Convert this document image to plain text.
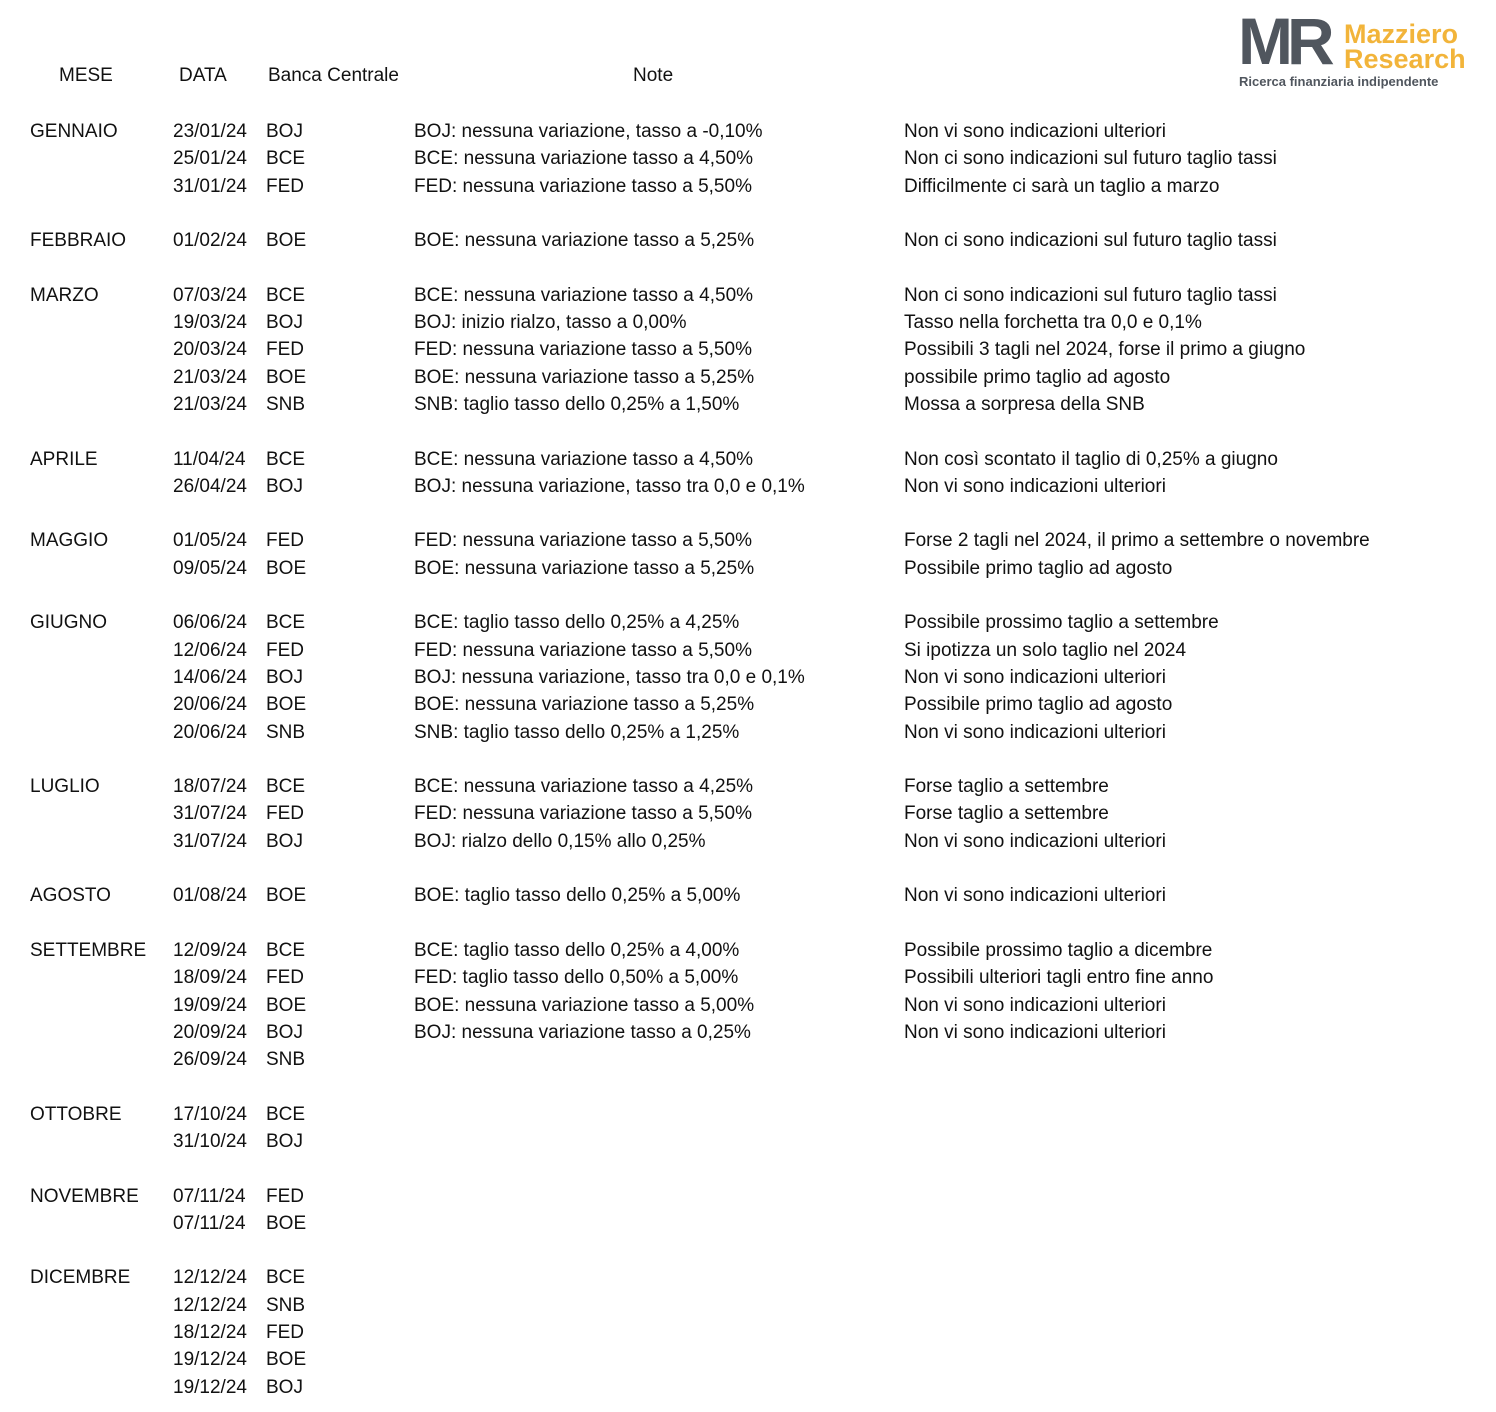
MR Mazziero
Research
Ricerca finanziaria indipendente
MESE	DATA Banca Centrale	Note
GENNAIO	23/01/24 BOJ	BOJ: nessuna variazione, tasso a -0,10%	Non vi sono indicazioni ulteriori
25/01/24 BCE	BCE: nessuna variazione tasso a 4,50%	Non ci sono indicazioni sul futuro taglio tassi
31/01/24 FED	FED: nessuna variazione tasso a 5,50%	Difficilmente ci sarà un taglio a marzo
FEBBRAIO 01/02/24 BOE	BOE: nessuna variazione tasso a 5,25%	Non ci sono indicazioni sul futuro taglio tassi
MARZO	07/03/24 BCE	BCE: nessuna variazione tasso a 4,50%	Non ci sono indicazioni sul futuro taglio tassi
19/03/24 BOJ	BOJ: inizio rialzo, tasso a 0,00%	Tasso nella forchetta tra 0,0 e 0,1%
20/03/24 FED	FED: nessuna variazione tasso a 5,50%	Possibili 3 tagli nel 2024, forse il primo a giugno
21/03/24 BOE	BOE: nessuna variazione tasso a 5,25%	possibile primo taglio ad agosto
21/03/24 SNB	SNB: taglio tasso dello 0,25% a 1,50%	Mossa a sorpresa della SNB
APRILE	11/04/24 BCE	BCE: nessuna variazione tasso a 4,50%	Non così scontato il taglio di 0,25% a giugno
26/04/24 BOJ	BOJ: nessuna variazione, tasso tra 0,0 e 0,1%	Non vi sono indicazioni ulteriori
MAGGIO	01/05/24 FED	FED: nessuna variazione tasso a 5,50%	Forse 2 tagli nel 2024, il primo a settembre o novembre
09/05/24 BOE	BOE: nessuna variazione tasso a 5,25%	Possibile primo taglio ad agosto
GIUGNO	06/06/24 BCE	BCE: taglio tasso dello 0,25% a 4,25%	Possibile prossimo taglio a settembre
12/06/24 FED	FED: nessuna variazione tasso a 5,50%	Si ipotizza un solo taglio nel 2024
14/06/24 BOJ	BOJ: nessuna variazione, tasso tra 0,0 e 0,1%	Non vi sono indicazioni ulteriori
20/06/24 BOE	BOE: nessuna variazione tasso a 5,25%	Possibile primo taglio ad agosto
20/06/24 SNB	SNB: taglio tasso dello 0,25% a 1,25%	Non vi sono indicazioni ulteriori
LUGLIO	18/07/24 BCE	BCE: nessuna variazione tasso a 4,25%	Forse taglio a settembre
31/07/24 FED	FED: nessuna variazione tasso a 5,50%	Forse taglio a settembre
31/07/24 BOJ	BOJ: rialzo dello 0,15% allo 0,25%	Non vi sono indicazioni ulteriori
AGOSTO	01/08/24 BOE	BOE: taglio tasso dello 0,25% a 5,00%	Non vi sono indicazioni ulteriori
SETTEMBRE 12/09/24 BCE	BCE: taglio tasso dello 0,25% a 4,00%	Possibile prossimo taglio a dicembre
18/09/24 FED	FED: taglio tasso dello 0,50% a 5,00%	Possibili ulteriori tagli entro fine anno
19/09/24 BOE	BOE: nessuna variazione tasso a 5,00%	Non vi sono indicazioni ulteriori
20/09/24 BOJ	BOJ: nessuna variazione tasso a 0,25%	Non vi sono indicazioni ulteriori
26/09/24 SNB
OTTOBRE	17/10/24 BCE
31/10/24 BOJ
NOVEMBRE 07/11/24 FED
07/11/24 BOE
DICEMBRE 12/12/24 BCE
12/12/24 SNB
18/12/24 FED
19/12/24 BOE
19/12/24 BOJ
